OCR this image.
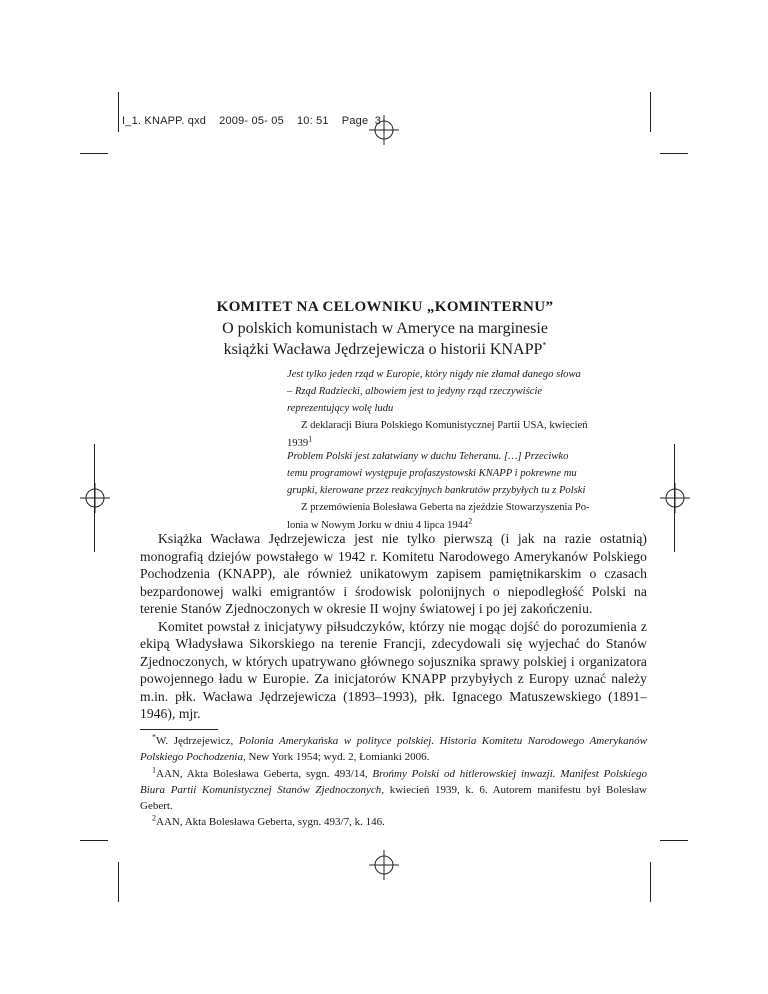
I_1. KNAPP. qxd 2009- 05- 05 10: 51 Page  3
KOMITET NA CELOWNIKU „KOMINTERNU”
O polskich komunistach w Ameryce na marginesie
książki Wacława Jędrzejewicza o historii KNAPP*
Jest tylko jeden rząd w Europie, który nigdy nie złamał danego słowa
– Rząd Radziecki, albowiem jest to jedyny rząd rzeczywiście
reprezentujący wolę ludu
Z deklaracji Biura Polskiego Komunistycznej Partii USA, kwiecień
1939$^1$
Problem Polski jest załatwiany w duchu Teheranu. […] Przeciwko
temu programowi występuje profaszystowski KNAPP i pokrewne mu
grupki, kierowane przez reakcyjnych bankrutów przybyłych tu z Polski
Z przemówienia Bolesława Geberta na zjeździe Stowarzyszenia Po-
lonia w Nowym Jorku w dniu 4 lipca 1944$^2$

Książka Wacława Jędrzejewicza jest nie tylko pierwszą (i jak na razie ostatnią) monografią dziejów powstałego w 1942 r. Komitetu Narodowego Amerykanów Polskiego Pochodzenia (KNAPP), ale również unikatowym zapisem pamiętnikarskim o czasach bezpardonowej walki emigrantów i środowisk polonijnych o niepodległość Polski na terenie Stanów Zjednoczonych w okresie II wojny światowej i po jej zakończeniu.

Komitet powstał z inicjatywy piłsudczyków, którzy nie mogąc dojść do porozumienia z ekipą Władysława Sikorskiego na terenie Francji, zdecydowali się wyjechać do Stanów Zjednoczonych, w których upatrywano głównego sojusznika sprawy polskiej i organizatora powojennego ładu w Europie. Za inicjatorów KNAPP przybyłych z Europy uznać należy m.in. płk. Wacława Jędrzejewicza (1893–1993), płk. Ignacego Matuszewskiego (1891–1946), mjr.

*W. Jędrzejewicz, Polonia Amerykańska w polityce polskiej. Historia Komitetu Narodowego Amerykanów Polskiego Pochodzenia, New York 1954; wyd. 2, Łomianki 2006.

$^1$AAN, Akta Bolesława Geberta, sygn. 493/14, Brońmy Polski od hitlerowskiej inwazji. Manifest Polskiego Biura Partii Komunistycznej Stanów Zjednoczonych, kwiecień 1939, k. 6. Autorem manifestu był Bolesław Gebert.

$^2$AAN, Akta Bolesława Geberta, sygn. 493/7, k. 146.
